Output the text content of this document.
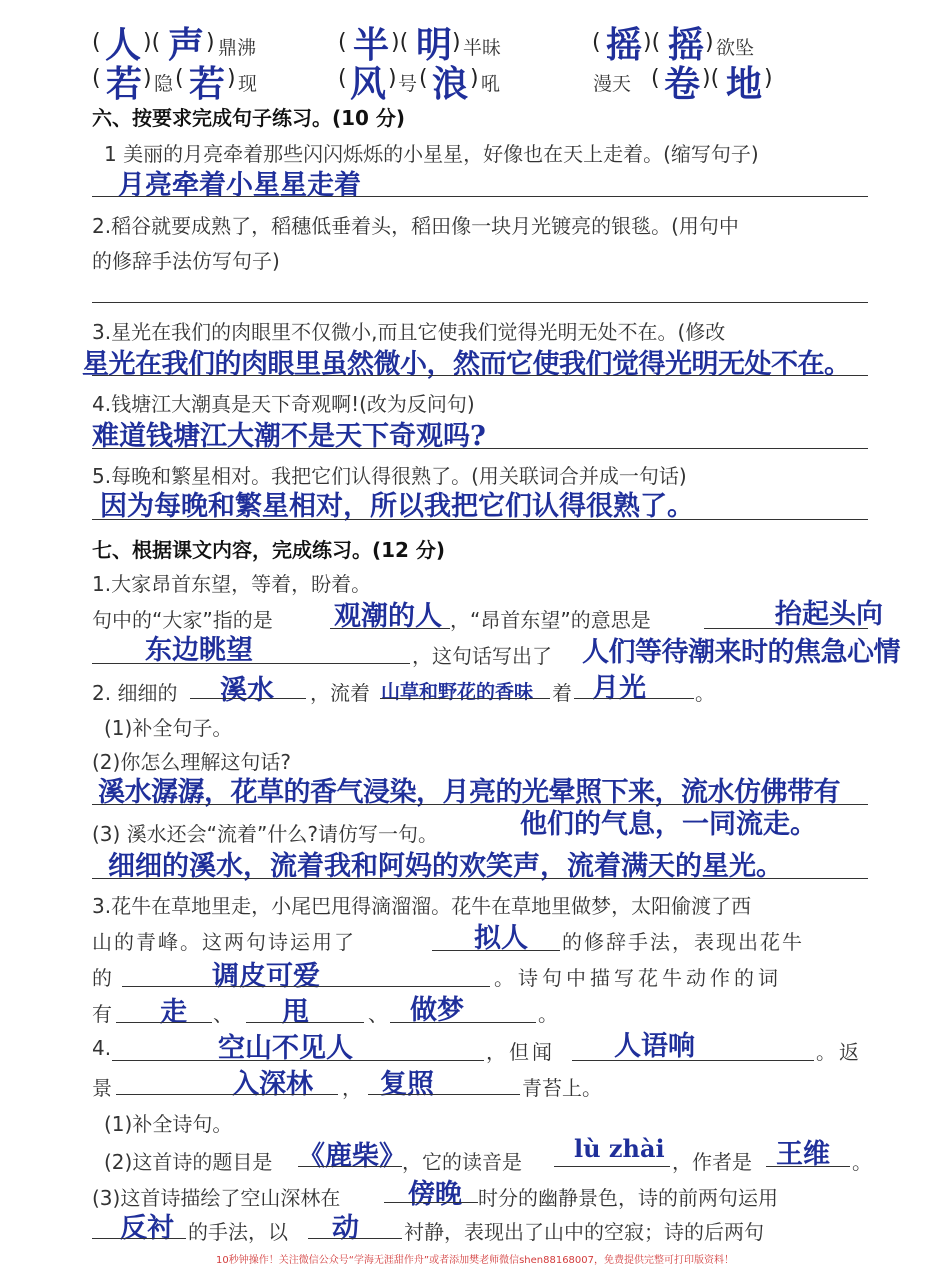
( 人 )( 声 ) 鼎沸	( 半 )( 明 ) 半昧	( 摇 )( 摇 ) 欲坠
( 若 ) 隐 ( 若 ) 现	( 风 ) 号 ( 浪 ) 吼	漫天 ( 卷 )( 地 )
六、按要求完成句子练习。(10 分)
1 美丽的月亮牵着那些闪闪烁烁的小星星，好像也在天上走着。(缩写句子)
月亮牵着小星星走着
2.稻谷就要成熟了，稻穗低垂着头，稻田像一块月光镀亮的银毯。(用句中
的修辞手法仿写句子)
3.星光在我们的肉眼里不仅微小,而且它使我们觉得光明无处不在。(修改
星光在我们的肉眼里虽然微小，然而它使我们觉得光明无处不在。
4.钱塘江大潮真是天下奇观啊!(改为反问句)
难道钱塘江大潮不是天下奇观吗?
5.每晚和繁星相对。我把它们认得很熟了。(用关联词合并成一句话)
因为每晚和繁星相对，所以我把它们认得很熟了。
七、根据课文内容，完成练习。(12 分)
1.大家昂首东望，等着，盼着。
句中的“大家”指的是 观潮的人 ，“昂首东望”的意思是	抬起头向
东边眺望	，这句话写出了 人们等待潮来时的焦急心情
2. 细细的 溪水 ，流着 山草和野花的香味 着 月光 。
(1)补全句子。
(2)你怎么理解这句话?
溪水潺潺，花草的香气浸染，月亮的光晕照下来，流水仿佛带有
(3) 溪水还会“流着”什么?请仿写一句。	他们的气息，一同流走。
细细的溪水，流着我和阿妈的欢笑声，流着满天的星光。
3.花牛在草地里走，小尾巴甩得滴溜溜。花牛在草地里做梦，太阳偷渡了西
山的青峰。这两句诗运用了	拟人 的修辞手法，表现出花牛
的	调皮可爱	。诗句中描写花牛动作的词
有 走 、 甩	、 做梦	。
4.	空山不见人	，但闻 人语响	。返
景	入深林 ， 复照	青苔上。
(1)补全诗句。
(2)这首诗的题目是 《鹿柴》
，它的读音是 lù zhài ，作者是 王维 。
(3)这首诗描绘了空山深林在	傍晚 时分的幽静景色，诗的前两句运用
反衬 的手法，以 动 衬静，表现出了山中的空寂；诗的后两句
10秒钟操作！关注微信公众号“学海无涯甜作舟”或者添加樊老师微信shen88168007，免费提供完整可打印版资料！
